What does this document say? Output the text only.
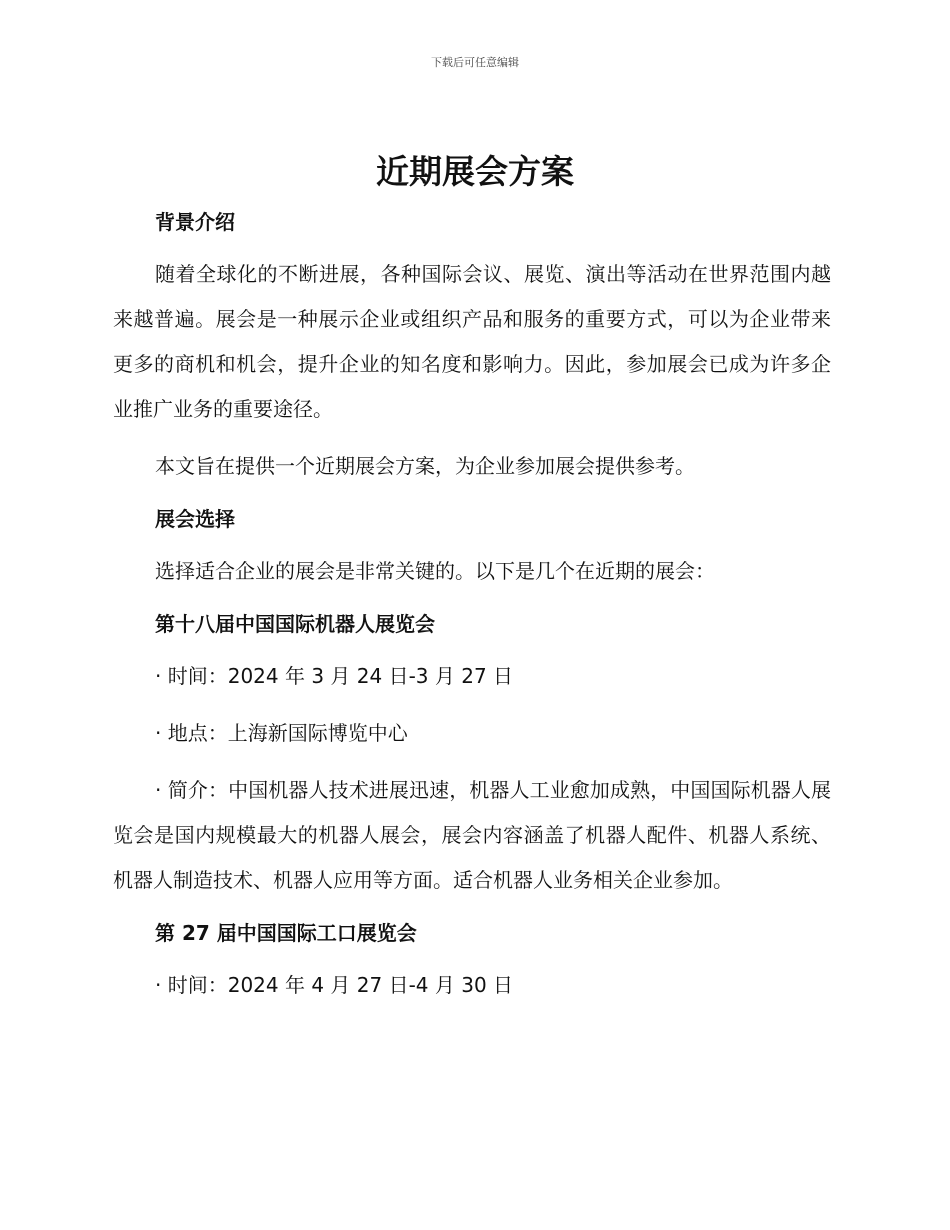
下载后可任意编辑
近期展会方案

背景介绍

随着全球化的不断进展，各种国际会议、展览、演出等活动在世界范围内越来越普遍。展会是一种展示企业或组织产品和服务的重要方式，可以为企业带来更多的商机和机会，提升企业的知名度和影响力。因此，参加展会已成为许多企业推广业务的重要途径。

本文旨在提供一个近期展会方案，为企业参加展会提供参考。

展会选择

选择适合企业的展会是非常关键的。以下是几个在近期的展会：

第十八届中国国际机器人展览会

· 时间：2024 年 3 月 24 日-3 月 27 日

· 地点：上海新国际博览中心

· 简介：中国机器人技术进展迅速，机器人工业愈加成熟，中国国际机器人展览会是国内规模最大的机器人展会，展会内容涵盖了机器人配件、机器人系统、机器人制造技术、机器人应用等方面。适合机器人业务相关企业参加。

第 27 届中国国际工口展览会

· 时间：2024 年 4 月 27 日-4 月 30 日
